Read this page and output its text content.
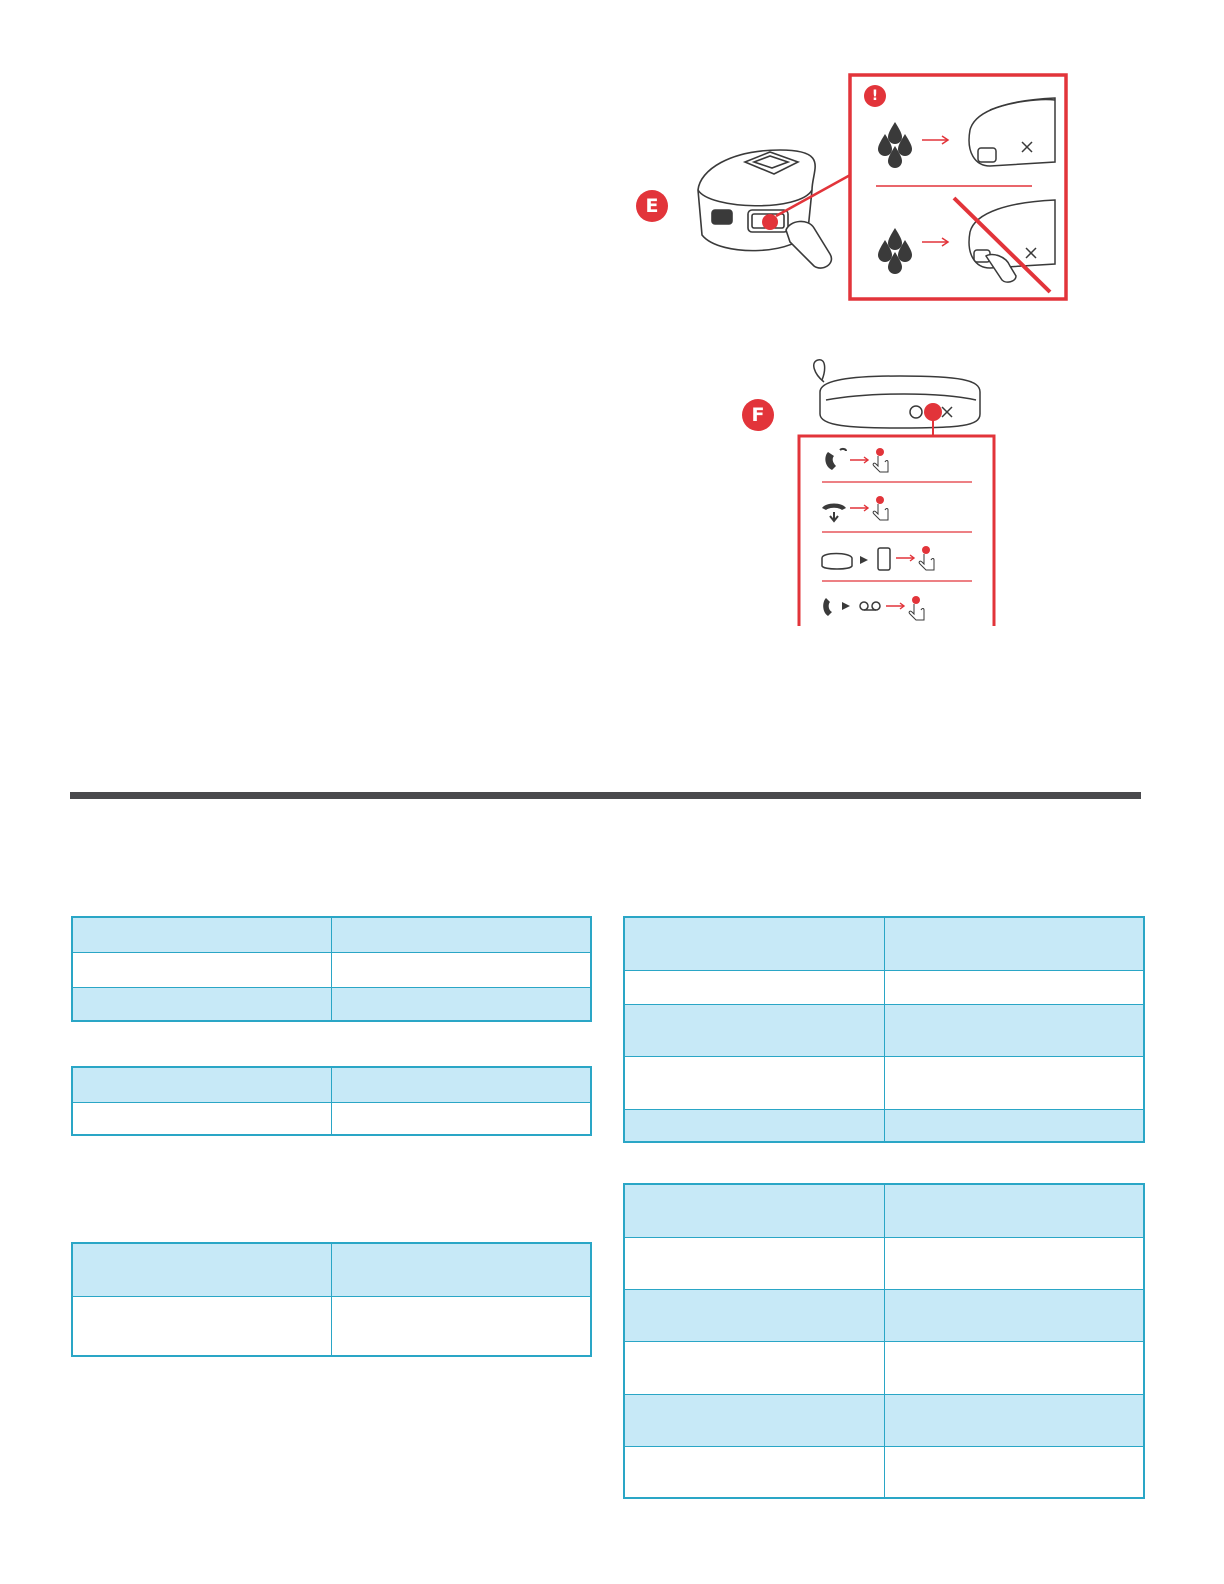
E
!
F
